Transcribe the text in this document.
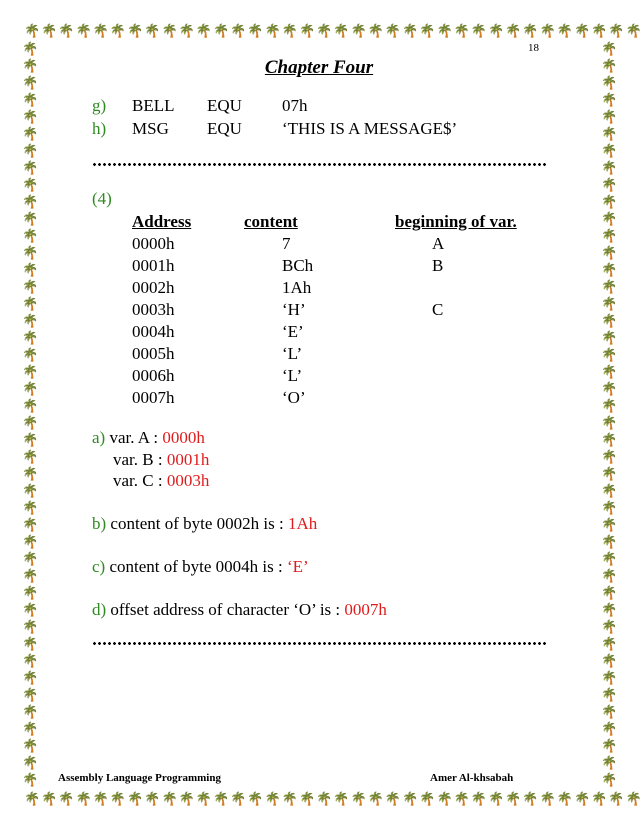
🌴🌴🌴🌴🌴🌴🌴🌴🌴🌴🌴🌴🌴🌴🌴🌴🌴🌴🌴🌴🌴🌴🌴🌴🌴🌴🌴🌴🌴🌴🌴🌴🌴🌴🌴🌴
🌴🌴🌴🌴🌴🌴🌴🌴🌴🌴🌴🌴🌴🌴🌴🌴🌴🌴🌴🌴🌴🌴🌴🌴🌴🌴🌴🌴🌴🌴🌴🌴🌴🌴🌴🌴
🌴🌴🌴🌴🌴🌴🌴🌴🌴🌴🌴🌴🌴🌴🌴🌴🌴🌴🌴🌴🌴🌴🌴🌴🌴🌴🌴🌴🌴🌴🌴🌴🌴🌴🌴🌴🌴🌴🌴🌴🌴🌴🌴🌴
🌴🌴🌴🌴🌴🌴🌴🌴🌴🌴🌴🌴🌴🌴🌴🌴🌴🌴🌴🌴🌴🌴🌴🌴🌴🌴🌴🌴🌴🌴🌴🌴🌴🌴🌴🌴🌴🌴🌴🌴🌴🌴🌴🌴
18
Chapter Four
g) BELL EQU 07h
h) MSG EQU ‘THIS IS A MESSAGE$’
(4)
Address	content	beginning of var.
0000h	7	A
0001h	BCh	B
0002h	1Ah
0003h	‘H’	C
0004h	‘E’
0005h	‘L’
0006h	‘L’
0007h	‘O’
a) var. A : 0000h
var. B : 0001h
var. C : 0003h
b) content of byte 0002h is : 1Ah
c) content of byte 0004h is : ‘E’
d) offset address of character ‘O’ is : 0007h
Assembly Language Programming	Amer Al-khsabah
